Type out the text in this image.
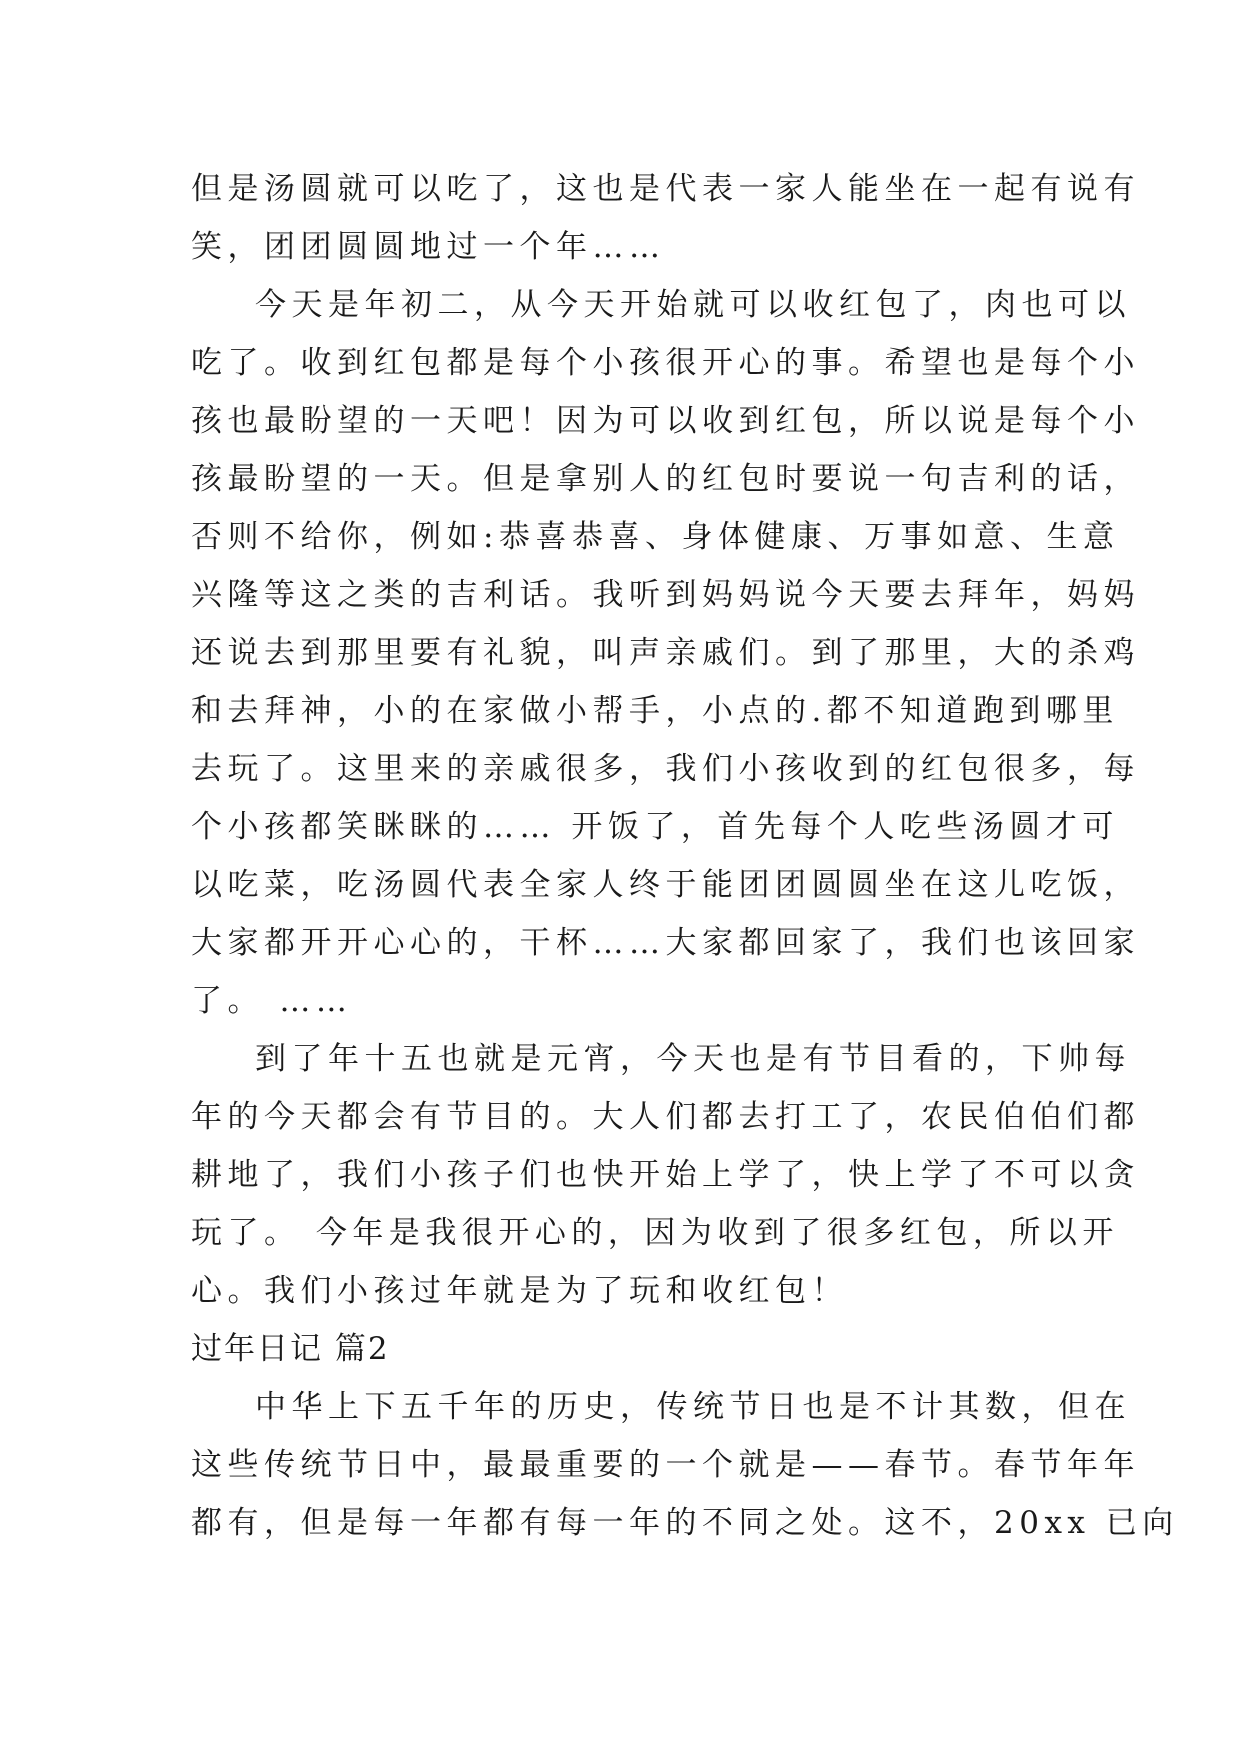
但是汤圆就可以吃了，这也是代表一家人能坐在一起有说有
笑，团团圆圆地过一个年……
今天是年初二，从今天开始就可以收红包了，肉也可以
吃了。收到红包都是每个小孩很开心的事。希望也是每个小
孩也最盼望的一天吧！因为可以收到红包，所以说是每个小
孩最盼望的一天。但是拿别人的红包时要说一句吉利的话，
否则不给你，例如:恭喜恭喜、身体健康、万事如意、生意
兴隆等这之类的吉利话。我听到妈妈说今天要去拜年，妈妈
还说去到那里要有礼貌，叫声亲戚们。到了那里，大的杀鸡
和去拜神，小的在家做小帮手，小点的.都不知道跑到哪里
去玩了。这里来的亲戚很多，我们小孩收到的红包很多，每
个小孩都笑眯眯的…… 开饭了，首先每个人吃些汤圆才可
以吃菜，吃汤圆代表全家人终于能团团圆圆坐在这儿吃饭，
大家都开开心心的，干杯……大家都回家了，我们也该回家
了。 ……
到了年十五也就是元宵，今天也是有节目看的，下帅每
年的今天都会有节目的。大人们都去打工了，农民伯伯们都
耕地了，我们小孩子们也快开始上学了，快上学了不可以贪
玩了。 今年是我很开心的，因为收到了很多红包，所以开
心。我们小孩过年就是为了玩和收红包！
过年日记 篇2
中华上下五千年的历史，传统节日也是不计其数，但在
这些传统节日中，最最重要的一个就是——春节。春节年年
都有，但是每一年都有每一年的不同之处。这不，20xx 已向
